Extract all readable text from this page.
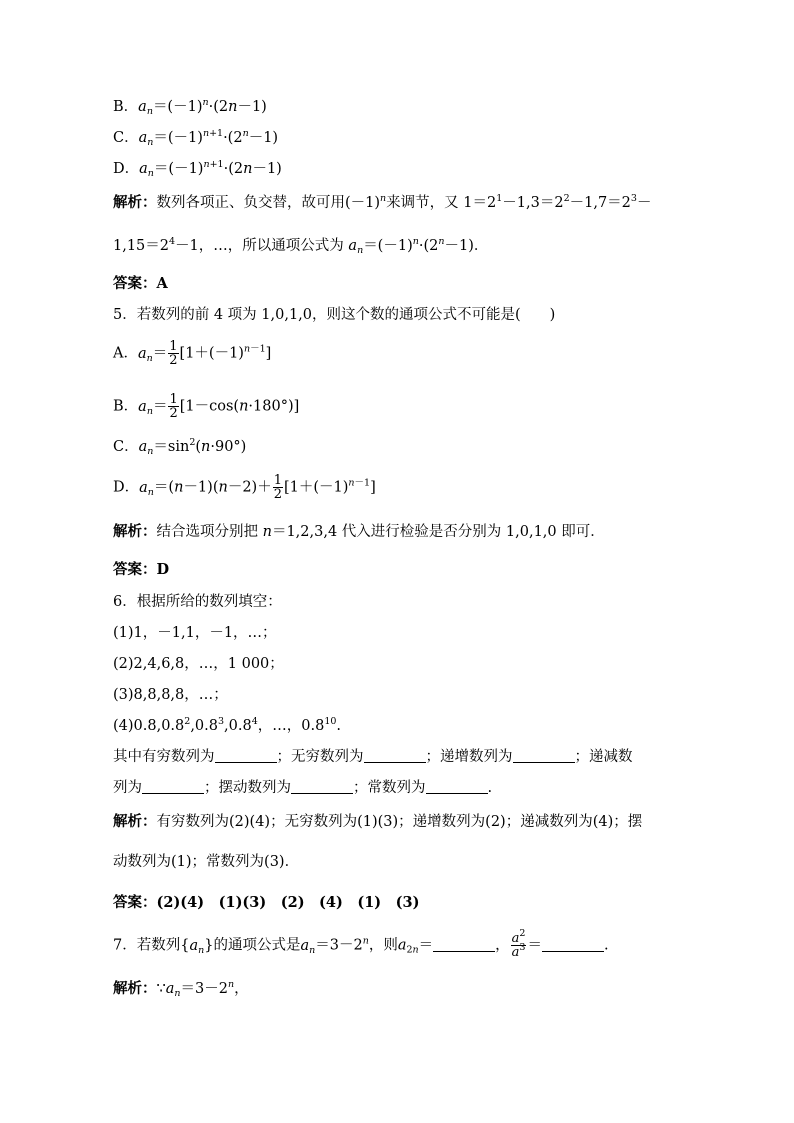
B．$a_n=(-1)^n\cdot(2n-1)$
C．$a_n=(-1)^{n+1}\cdot(2^n-1)$
D．$a_n=(-1)^{n+1}\cdot(2n-1)$
解析：数列各项正、负交替，故可用$(-1)^n$来调节，又 $1=2^1-1,3=2^2-1,7=2^3-$
$1,15=2^4-1$，…，所以通项公式为 $a_n=(-1)^n\cdot(2^n-1)$．
答案：A
5．若数列的前 4 项为 1,0,1,0，则这个数的通项公式不可能是(　　)
A．$a_n= \frac{1}{2} [1+(-1)^{n-1}]$
B．$a_n= \frac{1}{2} [1-\cos(n\cdot 180^\circ)]$
C．$a_n=\sin^2(n\cdot 90^\circ)$
D．$a_n=(n-1)(n-2)+ \frac{1}{2} [1+(-1)^{n-1}]$
解析：结合选项分别把 n＝1,2,3,4 代入进行检验是否分别为 1,0,1,0 即可．
答案：D
6．根据所给的数列填空：
(1)1，－1,1，－1，…；
(2)2,4,6,8，…，1 000；
(3)8,8,8,8，…；
(4)0.8,0.8$^2$,0.8$^3$,0.8$^4$，…，$0.8^{10}$.
其中有穷数列为	；无穷数列为	；递增数列为	；递减数
列为	；摆动数列为	；常数列为	.
解析：有穷数列为(2)(4)；无穷数列为(1)(3)；递增数列为(2)；递减数列为(4)；摆
动数列为(1)；常数列为(3)．
答案：(2)(4)　(1)(3)　(2)　(4)　(1)　(3)
7．若数列$\{a_n\}$的通项公式是$a_n=3-2^n$，则$a_{2n}=$	， $\frac{a^2}{a^3}$ ＝	.
解析：$\because a_n=3-2^n$，
